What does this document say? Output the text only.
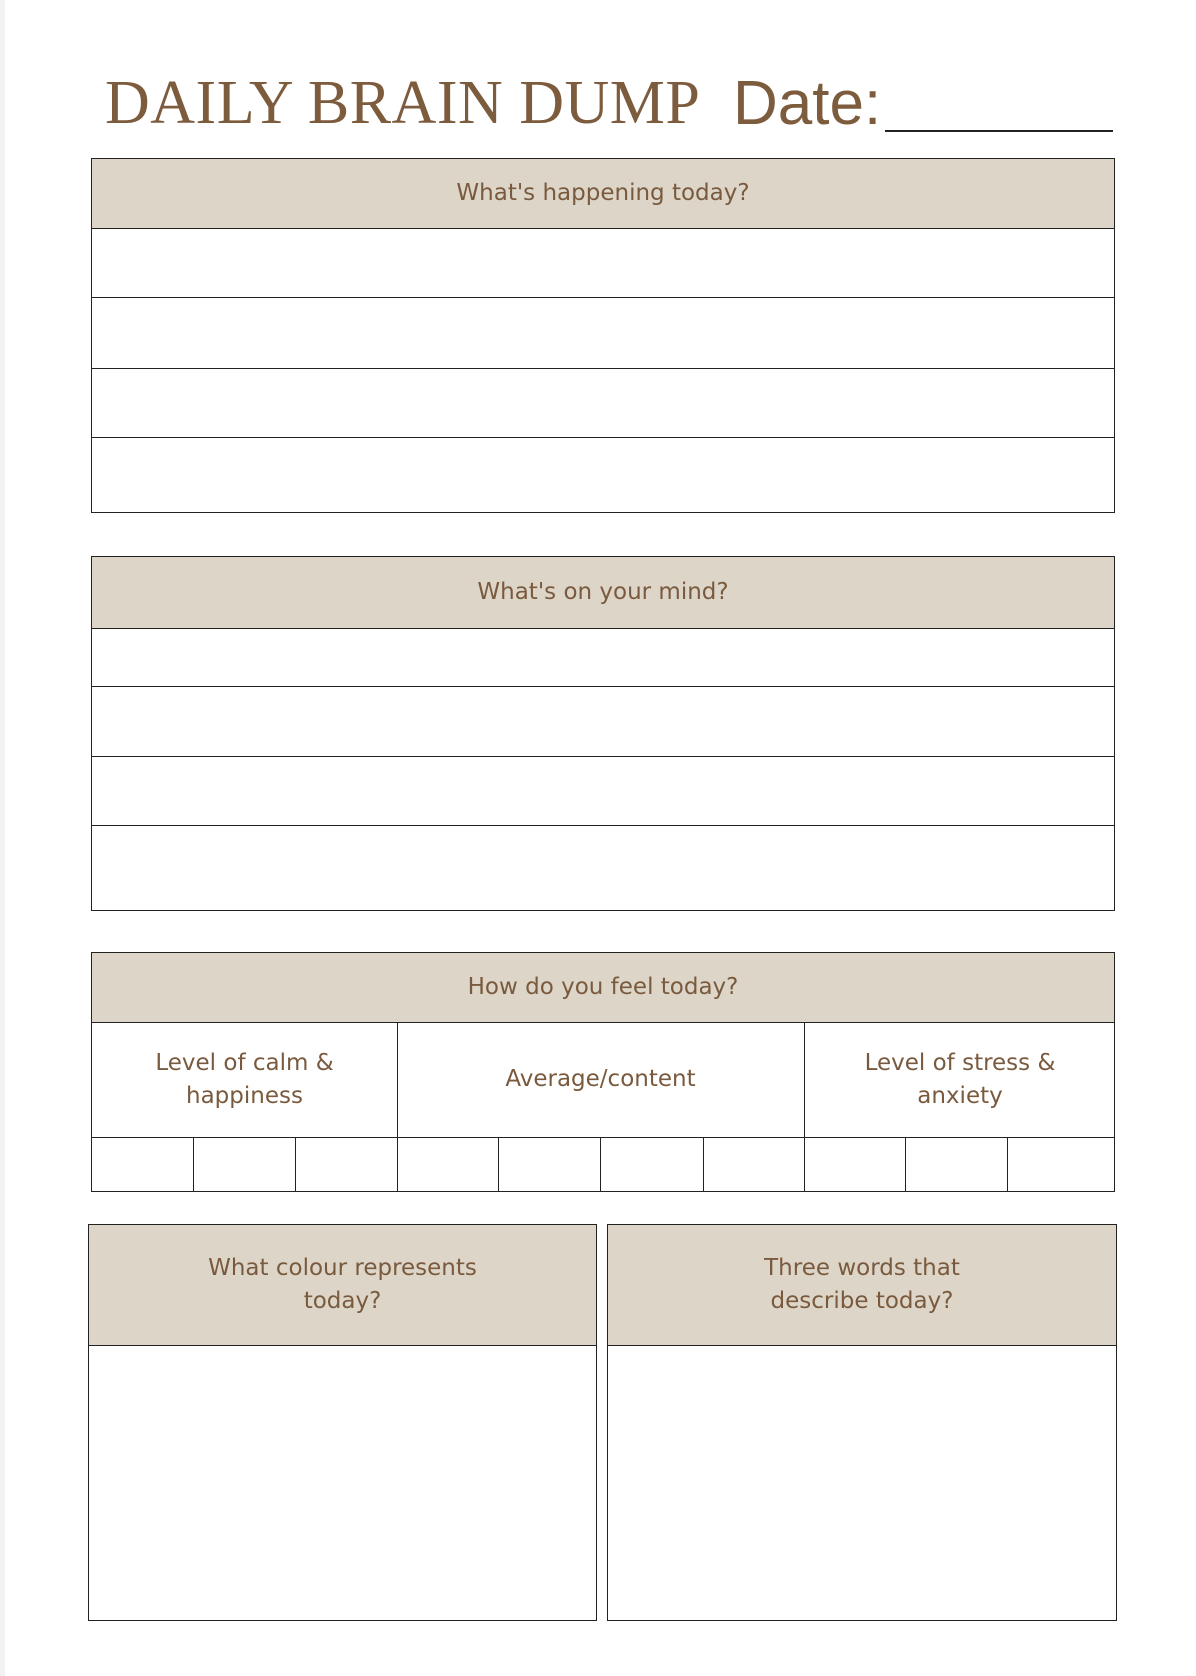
DAILY BRAIN DUMP Date:
What's happening today?
What's on your mind?
How do you feel today?
Level of calm & happiness
Average/content
Level of stress & anxiety
What colour represents today?
Three words that describe today?
